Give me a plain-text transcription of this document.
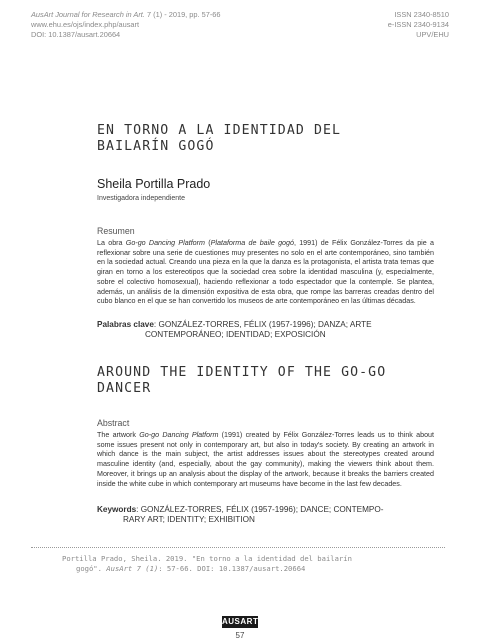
AusArt Journal for Research in Art. 7 (1) - 2019, pp. 57-66
www.ehu.es/ojs/index.php/ausart
DOI: 10.1387/ausart.20664
ISSN 2340-8510
e-ISSN 2340-9134
UPV/EHU
EN TORNO A LA IDENTIDAD DEL
BAILARÍN GOGÓ
Sheila Portilla Prado
Investigadora independiente
Resumen
La obra Go-go Dancing Platform (Plataforma de baile gogó, 1991) de Félix González-Torres da pie a reflexionar sobre una serie de cuestiones muy presentes no solo en el arte contemporáneo, sino también en la sociedad actual. Creando una pieza en la que la danza es la protagonista, el artista trata temas que giran en torno a los estereotipos que la sociedad crea sobre la identidad masculina (y, especialmente, sobre el colectivo homosexual), haciendo reflexionar a todo espectador que la contemple. Se plantea, además, un análisis de la dimensión expositiva de esta obra, que rompe las barreras creadas dentro del cubo blanco en el que se han convertido los museos de arte contemporáneo en las últimas décadas.
Palabras clave: GONZÁLEZ-TORRES, FÉLIX (1957-1996); DANZA; ARTE
CONTEMPORÁNEO; IDENTIDAD; EXPOSICIÓN
AROUND THE IDENTITY OF THE GO-GO
DANCER
Abstract
The artwork Go-go Dancing Platform (1991) created by Félix González-Torres leads us to think about some issues present not only in contemporary art, but also in today's society. By creating an artwork in which dance is the main subject, the artist addresses issues about the stereotypes created around masculine identity (and, especially, about the gay community), making the viewers think about them. Moreover, it brings up an analysis about the display of the artwork, because it breaks the barriers created inside the white cube in which contemporary art museums have become in the last few decades.
Keywords: GONZÁLEZ-TORRES, FÉLIX (1957-1996); DANCE; CONTEMPO-
RARY ART; IDENTITY; EXHIBITION
Portilla Prado, Sheila. 2019. "En torno a la identidad del bailarín
gogó". AusArt 7 (1): 57-66. DOI: 10.1387/ausart.20664
AUSART
57
